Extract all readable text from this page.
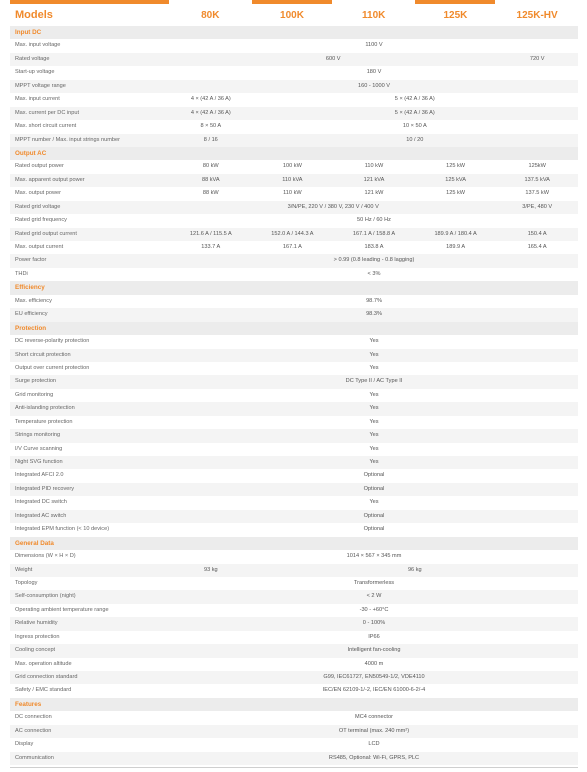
Models	80K	100K	110K	125K	125K-HV
Input DC
Max. input voltage	1100 V
Rated voltage	600 V	720 V
Start-up voltage	180 V
MPPT voltage range	160 - 1000 V
Max. input current	4 × (42 A / 36 A)	5 × (42 A / 36 A)
Max. current per DC input	4 × (42 A / 36 A)	5 × (42 A / 36 A)
Max. short circuit current	8 × 50 A	10 × 50 A
MPPT number / Max. input strings number	8 / 16	10 / 20
Output AC
Rated output power	80 kW	100 kW	110 kW	125 kW	125kW
Max. apparent output power	88 kVA	110 kVA	121 kVA	125 kVA	137.5 kVA
Max. output power	88 kW	110 kW	121 kW	125 kW	137.5 kW
Rated grid voltage	3/N/PE, 220 V / 380 V, 230 V / 400 V	3/PE, 480 V
Rated grid frequency	50 Hz / 60 Hz
Rated grid output current	121.6 A / 115.5 A	152.0 A / 144.3 A	167.1 A / 158.8 A	189.9 A / 180.4 A	150.4 A
Max. output current	133.7 A	167.1 A	183.8 A	189.9 A	165.4 A
Power factor	> 0.99 (0.8 leading - 0.8 lagging)
THDi	< 3%
Efficiency
Max. efficiency	98.7%
EU efficiency	98.3%
Protection
DC reverse-polarity protection	Yes
Short circuit protection	Yes
Output over current protection	Yes
Surge protection	DC Type II / AC Type II
Grid monitoring	Yes
Anti-islanding protection	Yes
Temperature protection	Yes
Strings monitoring	Yes
I/V Curve scanning	Yes
Night SVG function	Yes
Integrated AFCI 2.0	Optional
Integrated PID recovery	Optional
Integrated DC switch	Yes
Integrated AC switch	Optional
Integrated EPM function (< 10 device)	Optional
General Data
Dimensions (W × H × D)	1014 × 567 × 345 mm
Weight	93 kg	96 kg
Topology	Transformerless
Self-consumption (night)	< 2 W
Operating ambient temperature range	-30 - +60°C
Relative humidity	0 - 100%
Ingress protection	IP66
Cooling concept	Intelligent fan-cooling
Max. operation altitude	4000 m
Grid connection standard	G99, IEC61727, EN50549-1/2, VDE4110
Safety / EMC standard	IEC/EN 62109-1/-2, IEC/EN 61000-6-2/-4
Features
DC connection	MC4 connector
AC connection	OT terminal (max. 240 mm²)
Display	LCD
Communication	RS485, Optional: Wi-Fi, GPRS, PLC
